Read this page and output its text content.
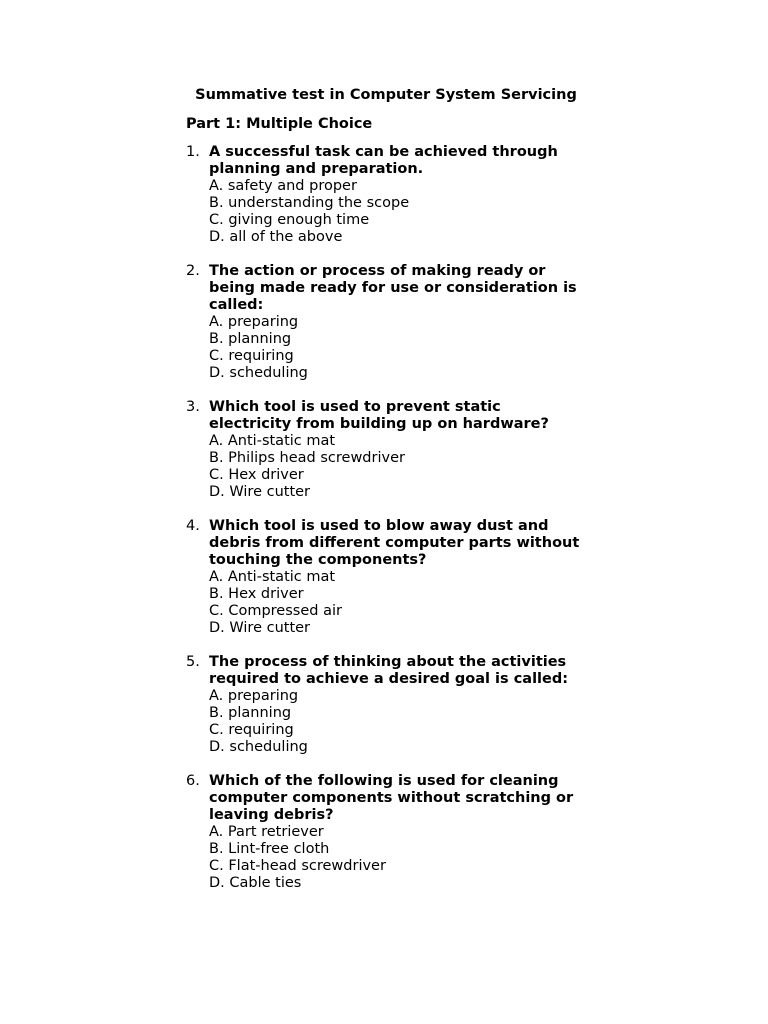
Summative test in Computer System Servicing
Part 1: Multiple Choice
1. A successful task can be achieved through planning and preparation.
A. safety and proper
B. understanding the scope
C. giving enough time
D. all of the above
2. The action or process of making ready or being made ready for use or consideration is called:
A. preparing
B. planning
C. requiring
D. scheduling
3. Which tool is used to prevent static electricity from building up on hardware?
A. Anti-static mat
B. Philips head screwdriver
C. Hex driver
D. Wire cutter
4. Which tool is used to blow away dust and debris from different computer parts without touching the components?
A. Anti-static mat
B. Hex driver
C. Compressed air
D. Wire cutter
5. The process of thinking about the activities required to achieve a desired goal is called:
A. preparing
B. planning
C. requiring
D. scheduling
6. Which of the following is used for cleaning computer components without scratching or leaving debris?
A. Part retriever
B. Lint-free cloth
C. Flat-head screwdriver
D. Cable ties
